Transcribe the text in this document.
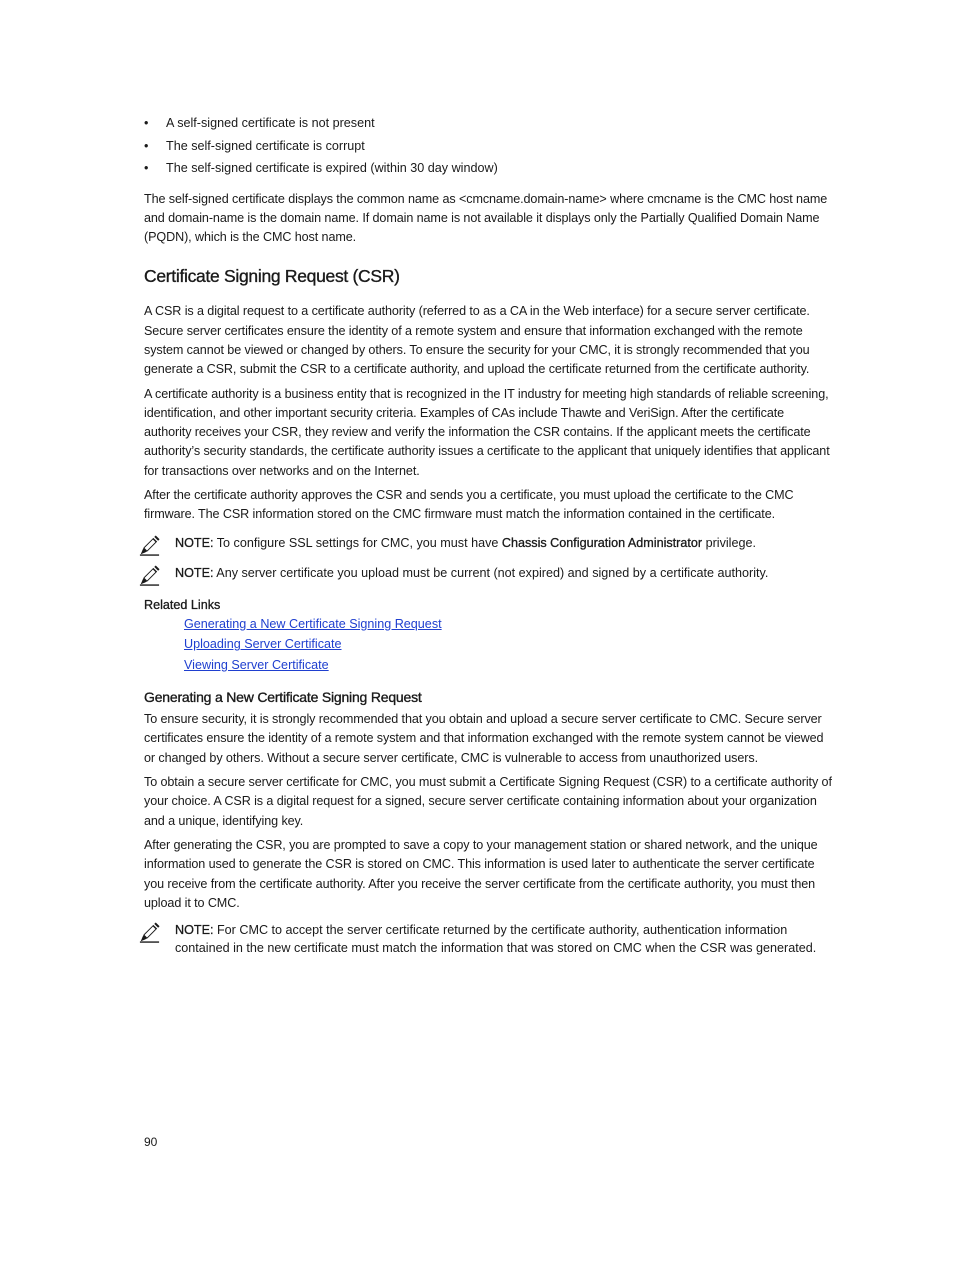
• A self-signed certificate is not present
• The self-signed certificate is corrupt
• The self-signed certificate is expired (within 30 day window)

The self-signed certificate displays the common name as <cmcname.domain-name> where cmcname is the CMC host name and domain-name is the domain name. If domain name is not available it displays only the Partially Qualified Domain Name (PQDN), which is the CMC host name.

Certificate Signing Request (CSR)

A CSR is a digital request to a certificate authority (referred to as a CA in the Web interface) for a secure server certificate. Secure server certificates ensure the identity of a remote system and ensure that information exchanged with the remote system cannot be viewed or changed by others. To ensure the security for your CMC, it is strongly recommended that you generate a CSR, submit the CSR to a certificate authority, and upload the certificate returned from the certificate authority.

A certificate authority is a business entity that is recognized in the IT industry for meeting high standards of reliable screening, identification, and other important security criteria. Examples of CAs include Thawte and VeriSign. After the certificate authority receives your CSR, they review and verify the information the CSR contains. If the applicant meets the certificate authority’s security standards, the certificate authority issues a certificate to the applicant that uniquely identifies that applicant for transactions over networks and on the Internet.

After the certificate authority approves the CSR and sends you a certificate, you must upload the certificate to the CMC firmware. The CSR information stored on the CMC firmware must match the information contained in the certificate.

NOTE: To configure SSL settings for CMC, you must have Chassis Configuration Administrator privilege.
NOTE: Any server certificate you upload must be current (not expired) and signed by a certificate authority.
Related Links
Generating a New Certificate Signing Request
Uploading Server Certificate
Viewing Server Certificate
Generating a New Certificate Signing Request

To ensure security, it is strongly recommended that you obtain and upload a secure server certificate to CMC. Secure server certificates ensure the identity of a remote system and that information exchanged with the remote system cannot be viewed or changed by others. Without a secure server certificate, CMC is vulnerable to access from unauthorized users.

To obtain a secure server certificate for CMC, you must submit a Certificate Signing Request (CSR) to a certificate authority of your choice. A CSR is a digital request for a signed, secure server certificate containing information about your organization and a unique, identifying key.

After generating the CSR, you are prompted to save a copy to your management station or shared network, and the unique information used to generate the CSR is stored on CMC. This information is used later to authenticate the server certificate you receive from the certificate authority. After you receive the server certificate from the certificate authority, you must then upload it to CMC.

NOTE: For CMC to accept the server certificate returned by the certificate authority, authentication information contained in the new certificate must match the information that was stored on CMC when the CSR was generated.
90
